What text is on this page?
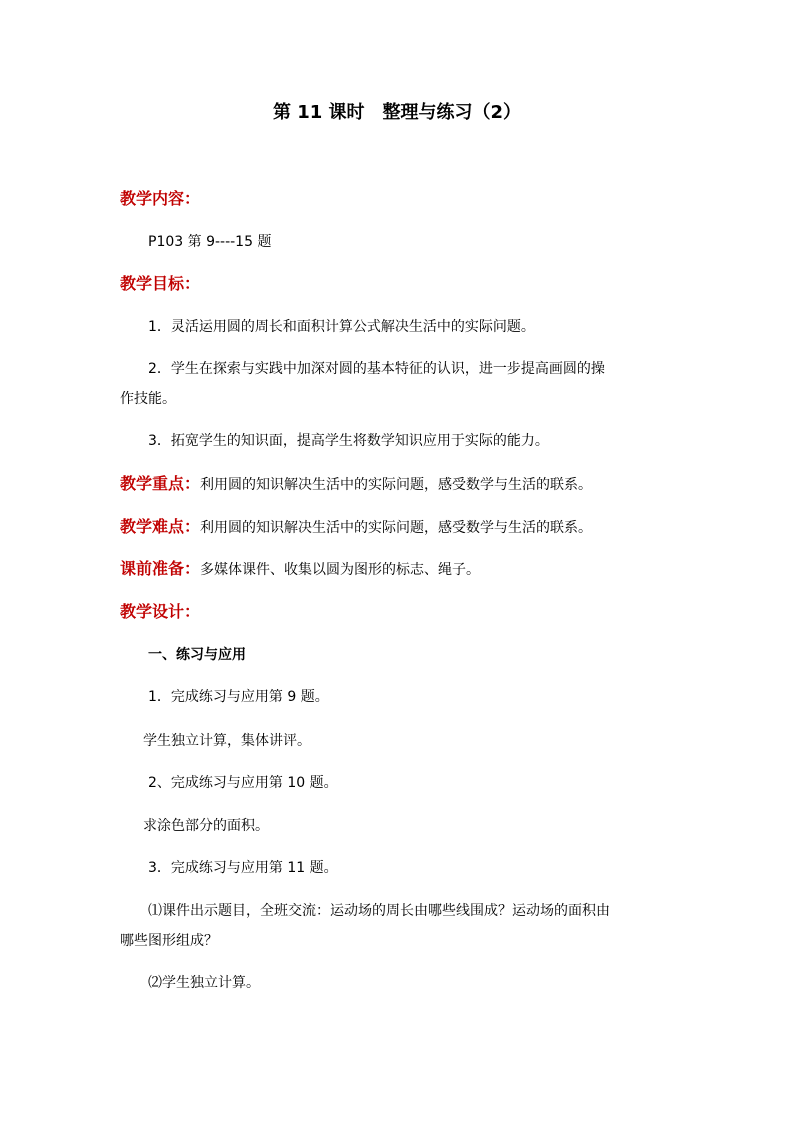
第 11 课时　整理与练习（2）
教学内容：
P103 第 9----15 题
教学目标：
1．灵活运用圆的周长和面积计算公式解决生活中的实际问题。
2．学生在探索与实践中加深对圆的基本特征的认识，进一步提高画圆的操
作技能。
3．拓宽学生的知识面，提高学生将数学知识应用于实际的能力。
教学重点：利用圆的知识解决生活中的实际问题，感受数学与生活的联系。
教学难点：利用圆的知识解决生活中的实际问题，感受数学与生活的联系。
课前准备：多媒体课件、收集以圆为图形的标志、绳子。
教学设计：
一、练习与应用
1．完成练习与应用第 9 题。
学生独立计算，集体讲评。
2、完成练习与应用第 10 题。
求涂色部分的面积。
3．完成练习与应用第 11 题。
⑴课件出示题目，全班交流：运动场的周长由哪些线围成？运动场的面积由
哪些图形组成？
⑵学生独立计算。
